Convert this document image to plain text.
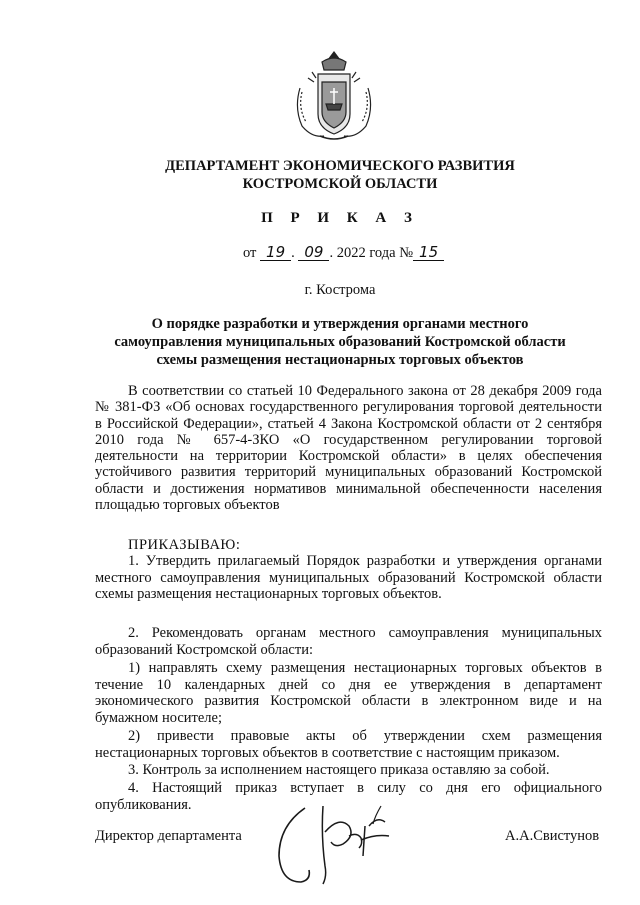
ДЕПАРТАМЕНТ ЭКОНОМИЧЕСКОГО РАЗВИТИЯ
КОСТРОМСКОЙ ОБЛАСТИ
П Р И К А З
от 19 . 09 . 2022 года № 15
г. Кострома
О порядке разработки и утверждения органами местного
самоуправления муниципальных образований Костромской области
схемы размещения нестационарных торговых объектов

В соответствии со статьей 10 Федерального закона от 28 декабря 2009 года № 381-ФЗ «Об основах государственного регулирования торговой деятельности в Российской Федерации», статьей 4 Закона Костромской области от 2 сентября 2010 года № 657-4-ЗКО «О государственном регулировании торговой деятельности на территории Костромской области» в целях обеспечения устойчивого развития территорий муниципальных образований Костромской области и достижения нормативов минимальной обеспеченности населения площадью торговых объектов

ПРИКАЗЫВАЮ:

1. Утвердить прилагаемый Порядок разработки и утверждения органами местного самоуправления муниципальных образований Костромской области схемы размещения нестационарных торговых объектов.

2. Рекомендовать органам местного самоуправления муниципальных образований Костромской области:

1) направлять схему размещения нестационарных торговых объектов в течение 10 календарных дней со дня ее утверждения в департамент экономического развития Костромской области в электронном виде и на бумажном носителе;

2) привести правовые акты об утверждении схем размещения нестационарных торговых объектов в соответствие с настоящим приказом.

3. Контроль за исполнением настоящего приказа оставляю за собой.

4. Настоящий приказ вступает в силу со дня его официального опубликования.

Директор департамента	А.А.Свистунов
